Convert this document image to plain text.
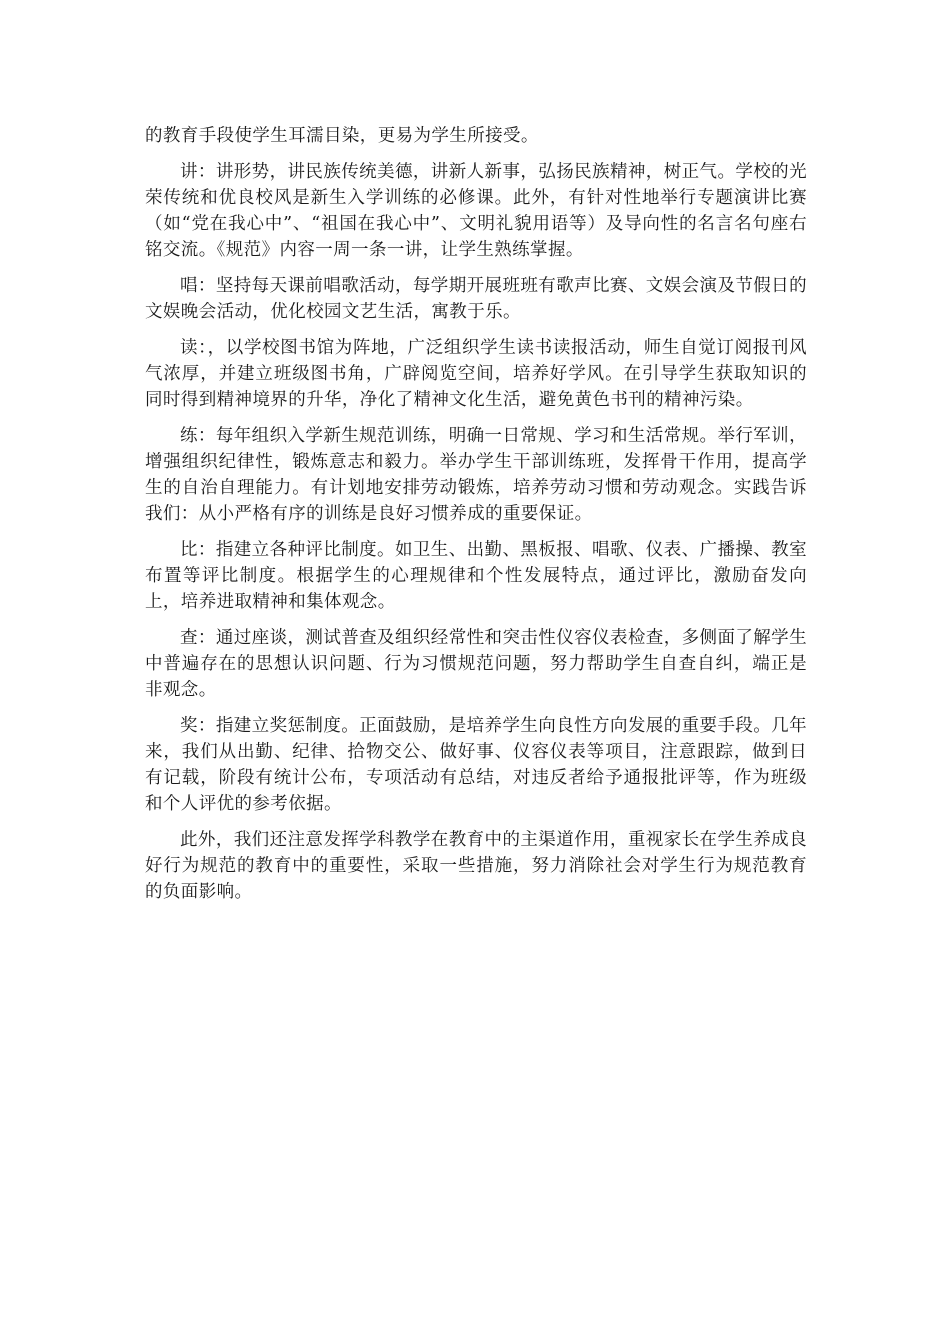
的教育手段使学生耳濡目染，更易为学生所接受。

讲：讲形势，讲民族传统美德，讲新人新事，弘扬民族精神，树正气。学校的光荣传统和优良校风是新生入学训练的必修课。此外，有针对性地举行专题演讲比赛（如“党在我心中”、“祖国在我心中”、文明礼貌用语等）及导向性的名言名句座右铭交流。《规范》内容一周一条一讲，让学生熟练掌握。

唱：坚持每天课前唱歌活动，每学期开展班班有歌声比赛、文娱会演及节假日的文娱晚会活动，优化校园文艺生活，寓教于乐。

读：，以学校图书馆为阵地，广泛组织学生读书读报活动，师生自觉订阅报刊风气浓厚，并建立班级图书角，广辟阅览空间，培养好学风。在引导学生获取知识的同时得到精神境界的升华，净化了精神文化生活，避免黄色书刊的精神污染。

练：每年组织入学新生规范训练，明确一日常规、学习和生活常规。举行军训，增强组织纪律性，锻炼意志和毅力。举办学生干部训练班，发挥骨干作用，提高学生的自治自理能力。有计划地安排劳动锻炼，培养劳动习惯和劳动观念。实践告诉我们：从小严格有序的训练是良好习惯养成的重要保证。

比：指建立各种评比制度。如卫生、出勤、黑板报、唱歌、仪表、广播操、教室布置等评比制度。根据学生的心理规律和个性发展特点，通过评比，激励奋发向上，培养进取精神和集体观念。

查：通过座谈，测试普查及组织经常性和突击性仪容仪表检查，多侧面了解学生中普遍存在的思想认识问题、行为习惯规范问题，努力帮助学生自查自纠，端正是非观念。

奖：指建立奖惩制度。正面鼓励，是培养学生向良性方向发展的重要手段。几年来，我们从出勤、纪律、拾物交公、做好事、仪容仪表等项目，注意跟踪，做到日有记载，阶段有统计公布，专项活动有总结，对违反者给予通报批评等，作为班级和个人评优的参考依据。

此外，我们还注意发挥学科教学在教育中的主渠道作用，重视家长在学生养成良好行为规范的教育中的重要性，采取一些措施，努力消除社会对学生行为规范教育的负面影响。
